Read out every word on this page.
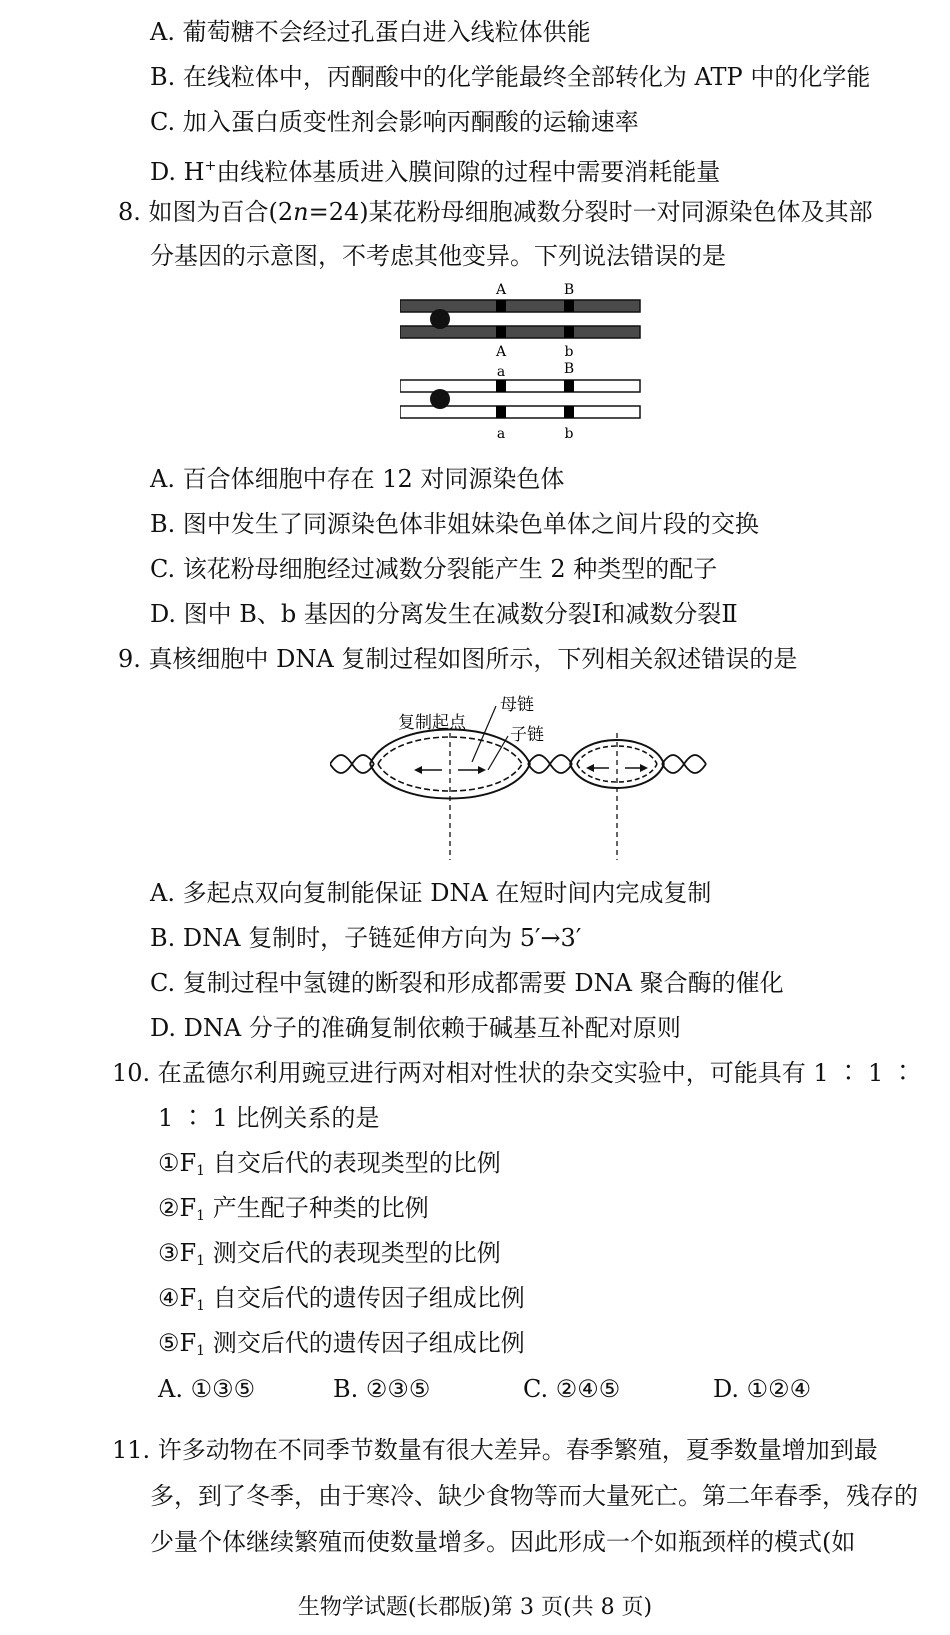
A. 葡萄糖不会经过孔蛋白进入线粒体供能
B. 在线粒体中，丙酮酸中的化学能最终全部转化为 ATP 中的化学能
C. 加入蛋白质变性剂会影响丙酮酸的运输速率
D. H+由线粒体基质进入膜间隙的过程中需要消耗能量
8. 如图为百合(2n=24)某花粉母细胞减数分裂时一对同源染色体及其部
分基因的示意图，不考虑其他变异。下列说法错误的是
A	B
A	b
a	B
a	b
A. 百合体细胞中存在 12 对同源染色体
B. 图中发生了同源染色体非姐妹染色单体之间片段的交换
C. 该花粉母细胞经过减数分裂能产生 2 种类型的配子
D. 图中 B、b 基因的分离发生在减数分裂Ⅰ和减数分裂Ⅱ
9. 真核细胞中 DNA 复制过程如图所示，下列相关叙述错误的是
复制起点
母链
子链
A. 多起点双向复制能保证 DNA 在短时间内完成复制
B. DNA 复制时，子链延伸方向为 5′→3′
C. 复制过程中氢键的断裂和形成都需要 DNA 聚合酶的催化
D. DNA 分子的准确复制依赖于碱基互补配对原则
10. 在孟德尔利用豌豆进行两对相对性状的杂交实验中，可能具有 1 ∶ 1 ∶
1 ∶ 1 比例关系的是
$①F_1$ 自交后代的表现类型的比例
$②F_1$ 产生配子种类的比例
$③F_1$ 测交后代的表现类型的比例
$④F_1$ 自交后代的遗传因子组成比例
$⑤F_1$ 测交后代的遗传因子组成比例
A. ①③⑤	B. ②③⑤	C. ②④⑤	D. ①②④
11. 许多动物在不同季节数量有很大差异。春季繁殖，夏季数量增加到最
多，到了冬季，由于寒冷、缺少食物等而大量死亡。第二年春季，残存的
少量个体继续繁殖而使数量增多。因此形成一个如瓶颈样的模式(如
生物学试题(长郡版)第 3 页(共 8 页)
